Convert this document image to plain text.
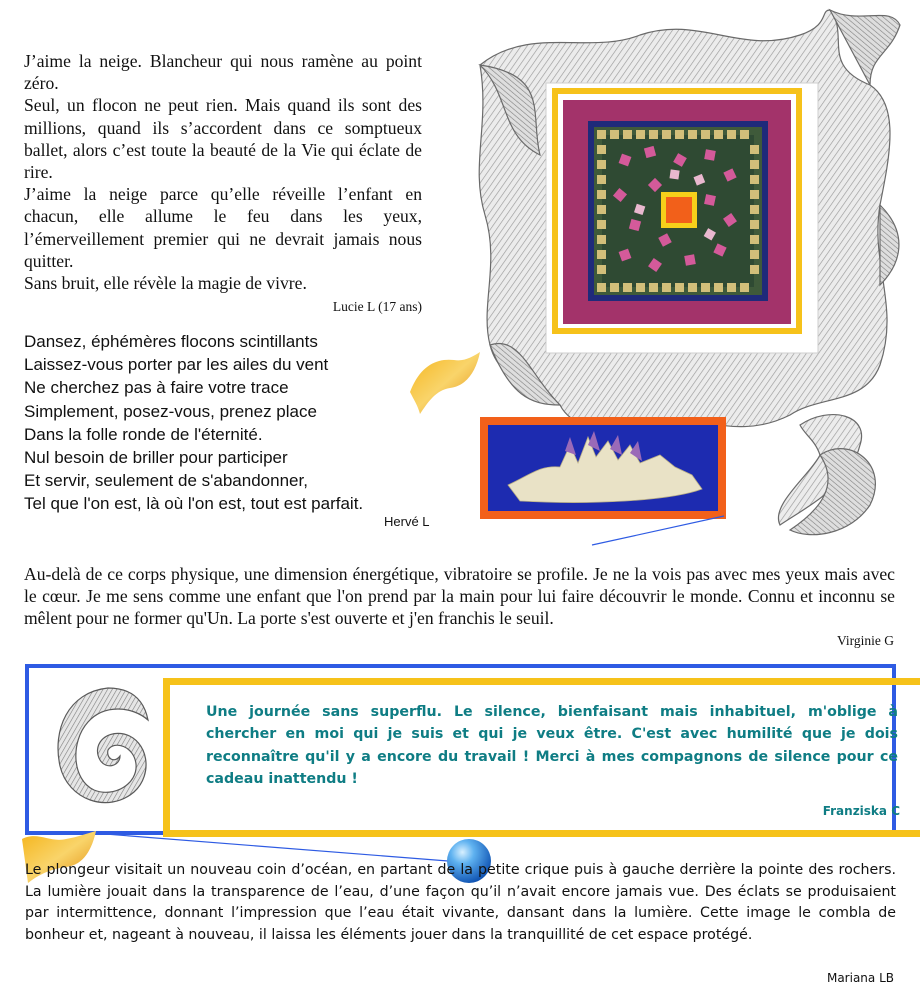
J’aime la neige. Blancheur qui nous ramène au point zéro.

Seul, un flocon ne peut rien. Mais quand ils sont des millions, quand ils s’accordent dans ce somptueux ballet, alors c’est toute la beauté de la Vie qui éclate de rire.

J’aime la neige parce qu’elle réveille l’enfant en chacun, elle allume le feu dans les yeux, l’émerveillement premier qui ne devrait jamais nous quitter.

Sans bruit, elle révèle la magie de vivre.

Lucie L (17 ans)
Dansez, éphémères flocons scintillants
Laissez-vous porter par les ailes du vent
Ne cherchez pas à faire votre trace
Simplement, posez-vous, prenez place
Dans la folle ronde de l'éternité.
Nul besoin de briller pour participer
Et servir, seulement de s'abandonner,
Tel que l'on est, là où l'on est, tout est parfait.
Hervé L
Au-delà de ce corps physique, une dimension énergétique, vibratoire se profile. Je ne la vois pas avec mes yeux mais avec le cœur. Je me sens comme une enfant que l'on prend par la main pour lui faire découvrir le monde. Connu et inconnu se mêlent pour ne former qu'Un. La porte s'est ouverte et j'en franchis le seuil.
Virginie G
Une journée sans superflu. Le silence, bienfaisant mais inhabituel, m'oblige à chercher en moi qui je suis et qui je veux être. C'est avec humilité que je dois reconnaître qu'il y a encore du travail ! Merci à mes compagnons de silence pour ce cadeau inattendu !
Franziska C
Le plongeur visitait un nouveau coin d’océan, en partant de la petite crique puis à gauche derrière la pointe des rochers. La lumière jouait dans la transparence de l’eau, d’une façon qu’il n’avait encore jamais vue. Des éclats se produisaient par intermittence, donnant l’impression que l’eau était vivante, dansant dans la lumière. Cette image le combla de bonheur et, nageant à nouveau, il laissa les éléments jouer dans la tranquillité de cet espace protégé.
Mariana LB
